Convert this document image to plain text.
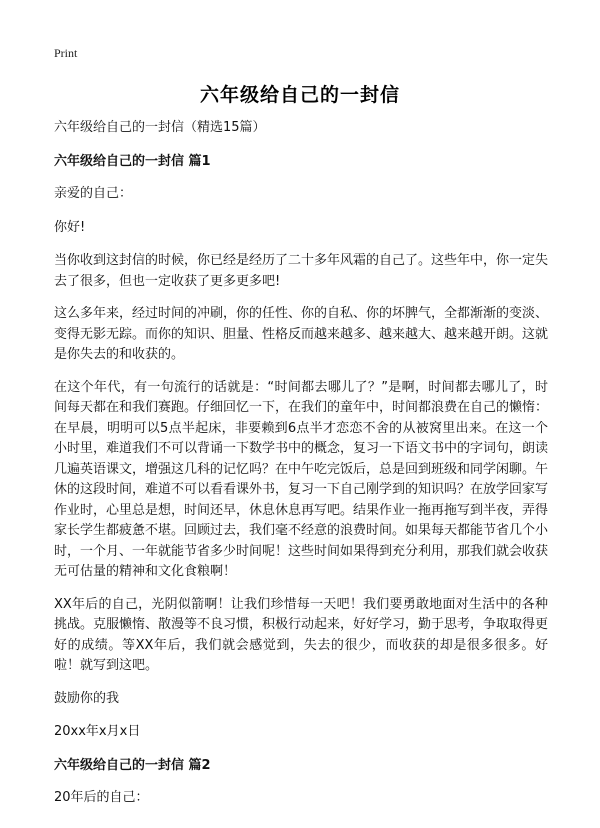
Print
六年级给自己的一封信

六年级给自己的一封信（精选15篇）

六年级给自己的一封信 篇1

亲爱的自己：

你好!

当你收到这封信的时候，你已经是经历了二十多年风霜的自己了。这些年中，你一定失去了很多，但也一定收获了更多更多吧!

这么多年来，经过时间的冲刷，你的任性、你的自私、你的坏脾气，全都渐渐的变淡、变得无影无踪。而你的知识、胆量、性格反而越来越多、越来越大、越来越开朗。这就是你失去的和收获的。

在这个年代，有一句流行的话就是：“时间都去哪儿了？”是啊，时间都去哪儿了，时间每天都在和我们赛跑。仔细回忆一下，在我们的童年中，时间都浪费在自己的懒惰：在早晨，明明可以5点半起床，非要赖到6点半才恋恋不舍的从被窝里出来。在这一个小时里，难道我们不可以背诵一下数学书中的概念，复习一下语文书中的字词句，朗读几遍英语课文，增强这几科的记忆吗？在中午吃完饭后，总是回到班级和同学闲聊。午休的这段时间，难道不可以看看课外书，复习一下自己刚学到的知识吗？在放学回家写作业时，心里总是想，时间还早，休息休息再写吧。结果作业一拖再拖写到半夜，弄得家长学生都疲惫不堪。回顾过去，我们毫不经意的浪费时间。如果每天都能节省几个小时，一个月、一年就能节省多少时间呢！这些时间如果得到充分利用，那我们就会收获无可估量的精神和文化食粮啊！

XX年后的自己，光阴似箭啊！让我们珍惜每一天吧！我们要勇敢地面对生活中的各种挑战。克服懒惰、散漫等不良习惯，积极行动起来，好好学习，勤于思考，争取取得更好的成绩。等XX年后，我们就会感觉到，失去的很少，而收获的却是很多很多。好啦！就写到这吧。

鼓励你的我

20xx年x月x日

六年级给自己的一封信 篇2

20年后的自己：
